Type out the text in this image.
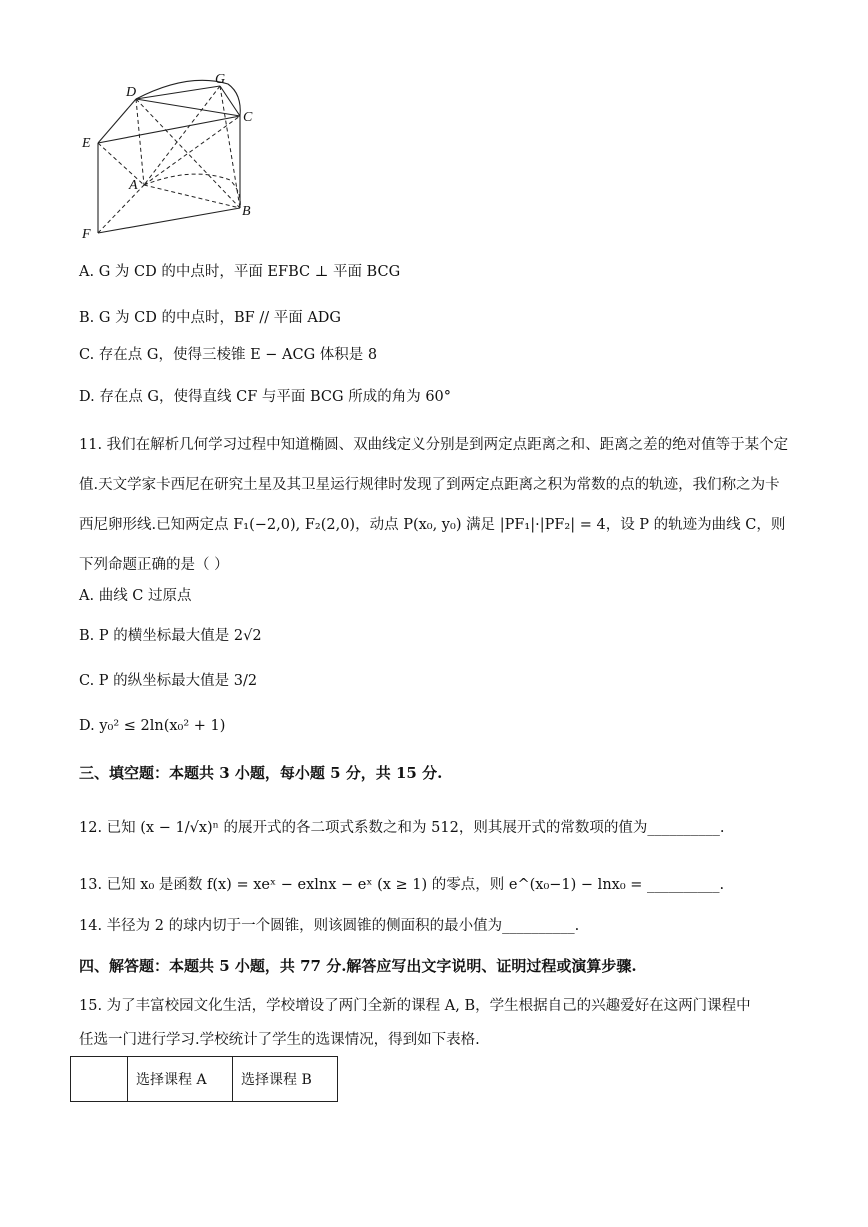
D
G
C
E
A
B
F
A. G 为 CD 的中点时，平面 EFBC ⊥ 平面 BCG
B. G 为 CD 的中点时，BF // 平面 ADG
C. 存在点 G，使得三棱锥 E − ACG 体积是 8
D. 存在点 G，使得直线 CF 与平面 BCG 所成的角为 60°
11. 我们在解析几何学习过程中知道椭圆、双曲线定义分别是到两定点距离之和、距离之差的绝对值等于某个定值.天文学家卡西尼在研究土星及其卫星运行规律时发现了到两定点距离之积为常数的点的轨迹，我们称之为卡西尼卵形线.已知两定点 F₁(−2,0), F₂(2,0)，动点 P(x₀, y₀) 满足 |PF₁|·|PF₂| = 4，设 P 的轨迹为曲线 C，则下列命题正确的是（ ）
A. 曲线 C 过原点
B. P 的横坐标最大值是 2√2
C. P 的纵坐标最大值是 3/2
D. y₀² ≤ 2ln(x₀² + 1)
三、填空题：本题共 3 小题，每小题 5 分，共 15 分.
12. 已知 (x − 1/√x)ⁿ 的展开式的各二项式系数之和为 512，则其展开式的常数项的值为__________.
13. 已知 x₀ 是函数 f(x) = xeˣ − exlnx − eˣ (x ≥ 1) 的零点，则 e^(x₀−1) − lnx₀ = __________.
14. 半径为 2 的球内切于一个圆锥，则该圆锥的侧面积的最小值为__________.
四、解答题：本题共 5 小题，共 77 分.解答应写出文字说明、证明过程或演算步骤.
15. 为了丰富校园文化生活，学校增设了两门全新的课程 A, B，学生根据自己的兴趣爱好在这两门课程中
任选一门进行学习.学校统计了学生的选课情况，得到如下表格.
	选择课程 A	选择课程 B
